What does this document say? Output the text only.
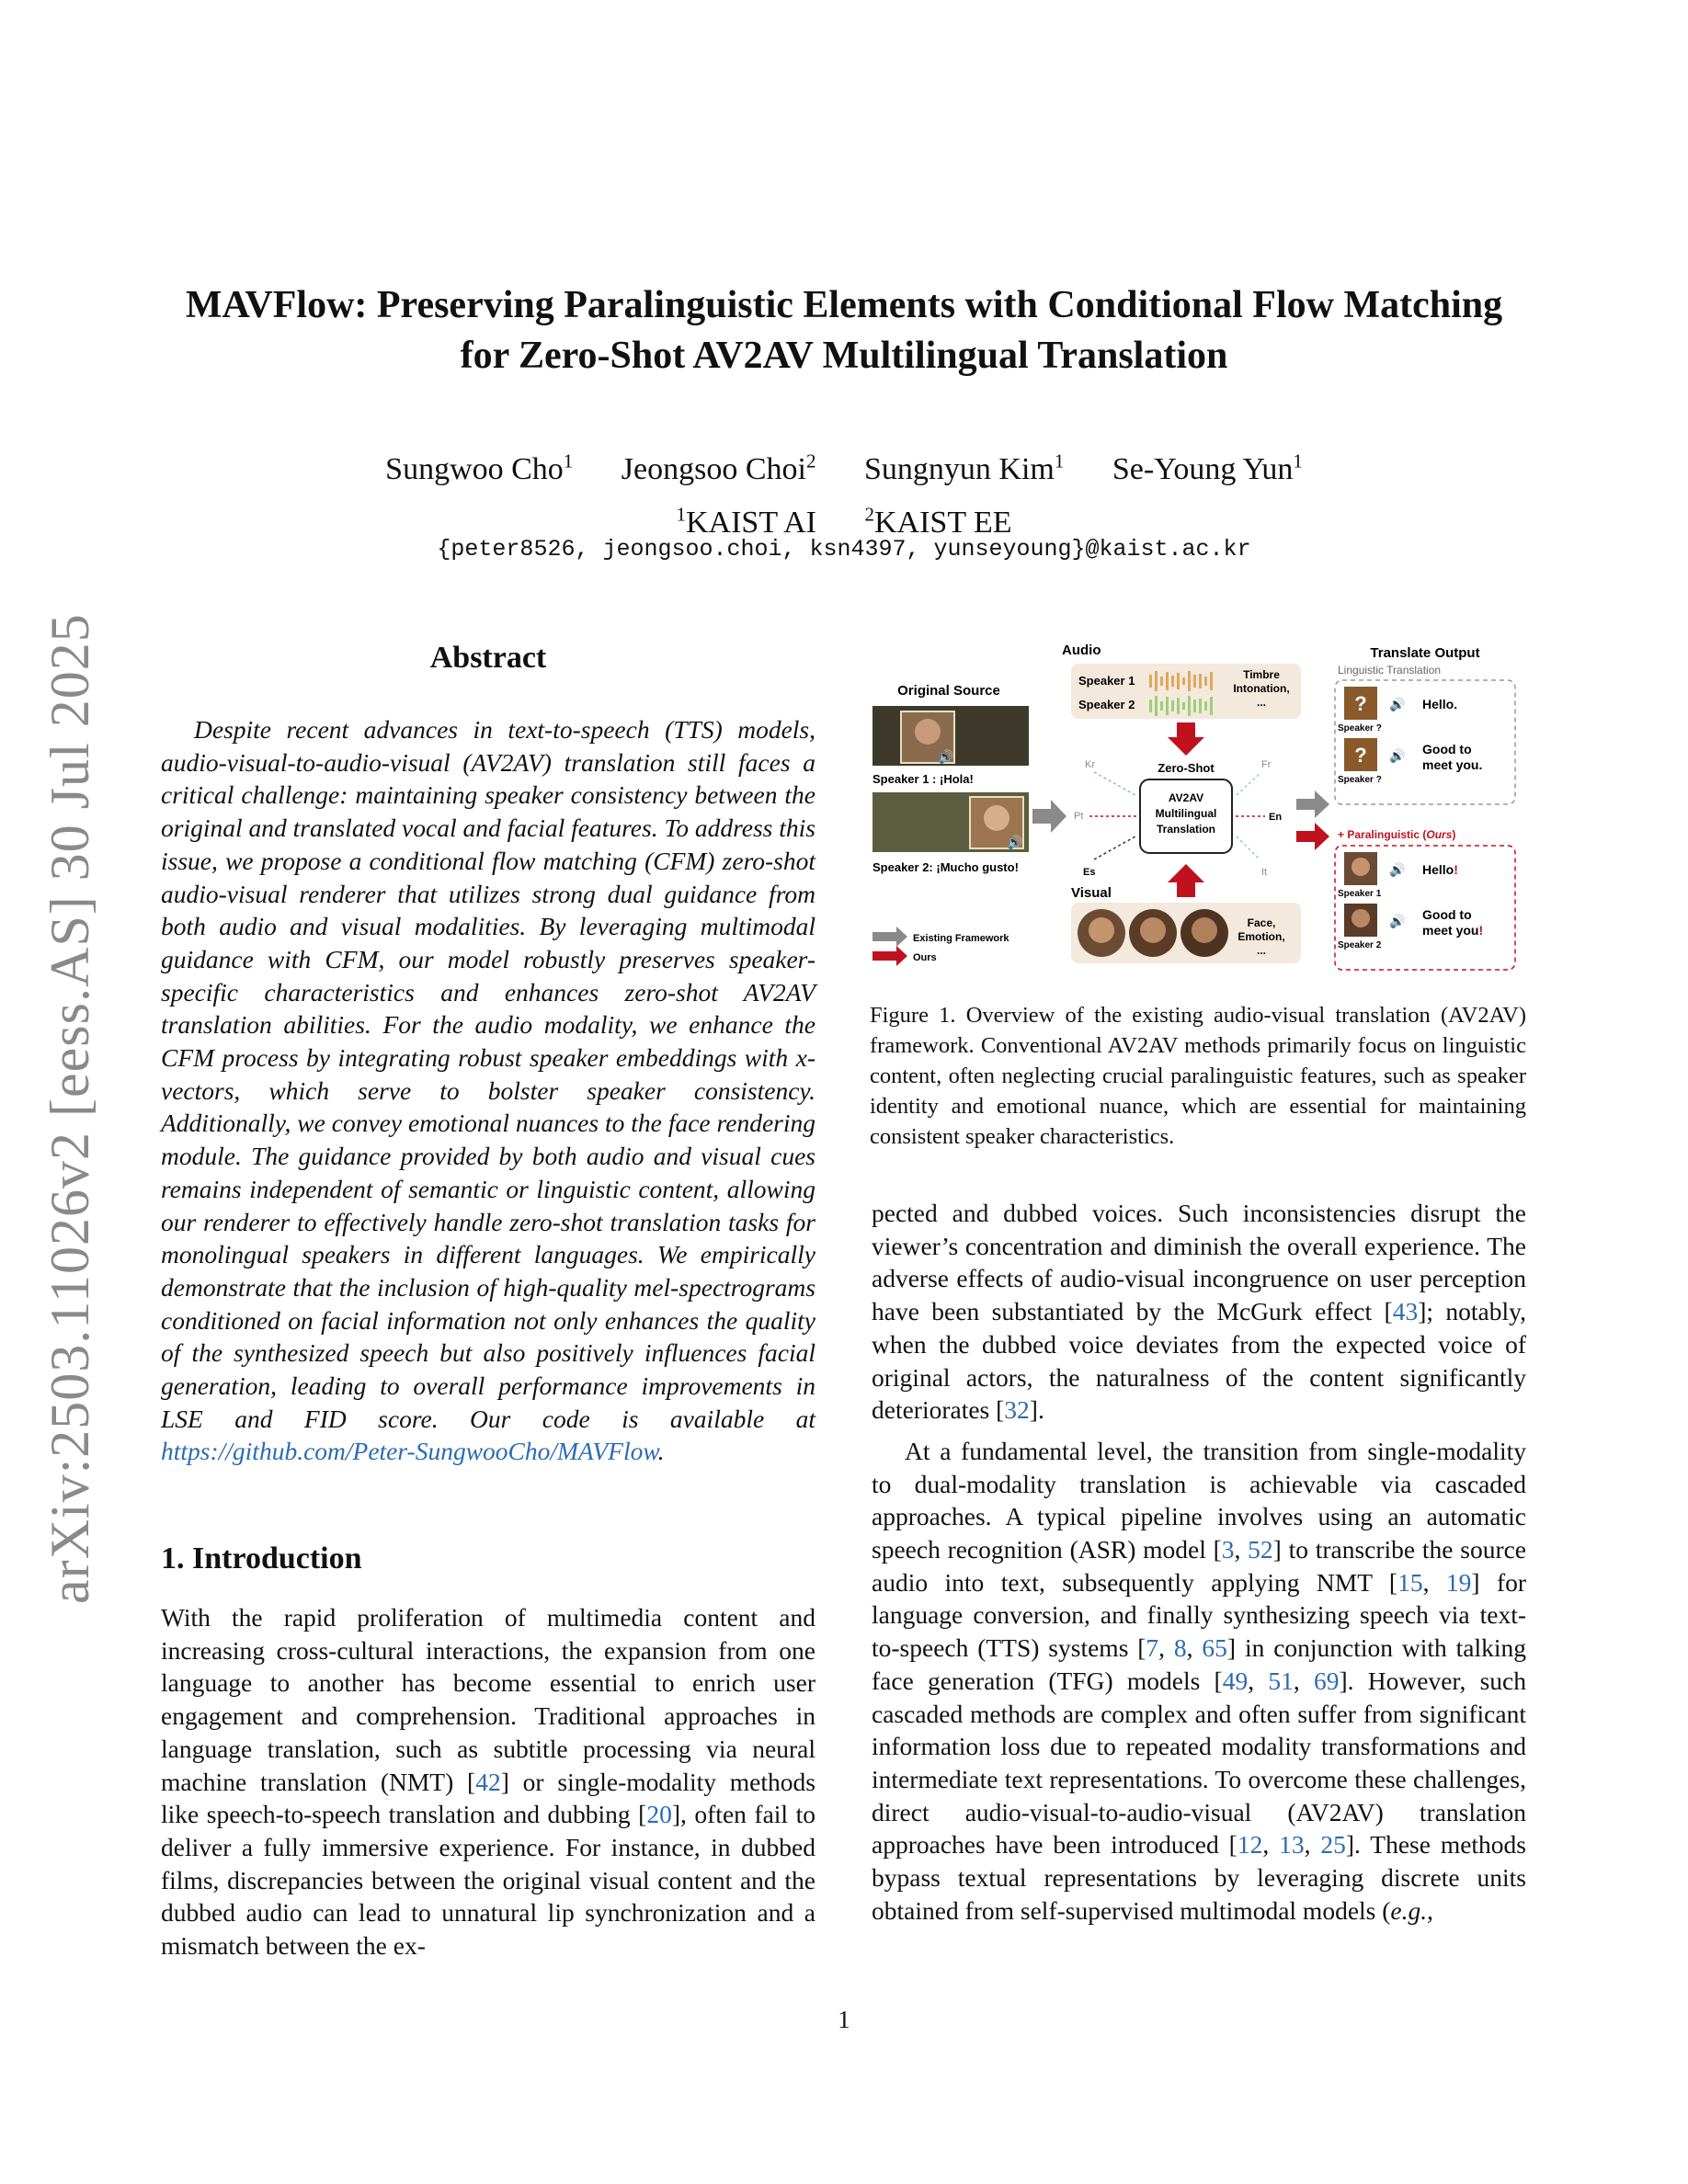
arXiv:2503.11026v2 [eess.AS] 30 Jul 2025
MAVFlow: Preserving Paralinguistic Elements with Conditional Flow Matching
for Zero-Shot AV2AV Multilingual Translation
Sungwoo Cho$^1$ Jeongsoo Choi$^2$ Sungnyun Kim$^1$ Se-Young Yun$^1$
$^1$KAIST AI	$^2$KAIST EE
{peter8526, jeongsoo.choi, ksn4397, yunseyoung}@kaist.ac.kr
Abstract

Despite recent advances in text-to-speech (TTS) models, audio-visual-to-audio-visual (AV2AV) translation still faces a critical challenge: maintaining speaker consistency between the original and translated vocal and facial features. To address this issue, we propose a conditional flow matching (CFM) zero-shot audio-visual renderer that utilizes strong dual guidance from both audio and visual modalities. By leveraging multimodal guidance with CFM, our model robustly preserves speaker-specific characteristics and enhances zero-shot AV2AV translation abilities. For the audio modality, we enhance the CFM process by integrating robust speaker embeddings with x-vectors, which serve to bolster speaker consistency. Additionally, we convey emotional nuances to the face rendering module. The guidance provided by both audio and visual cues remains independent of semantic or linguistic content, allowing our renderer to effectively handle zero-shot translation tasks for monolingual speakers in different languages. We empirically demonstrate that the inclusion of high-quality mel-spectrograms conditioned on facial information not only enhances the quality of the synthesized speech but also positively influences facial generation, leading to overall performance improvements in LSE and FID score. Our code is available at https://github.com/Peter-SungwooCho/MAVFlow.

1. Introduction

With the rapid proliferation of multimedia content and increasing cross-cultural interactions, the expansion from one language to another has become essential to enrich user engagement and comprehension. Traditional approaches in language translation, such as subtitle processing via neural machine translation (NMT) [42] or single-modality methods like speech-to-speech translation and dubbing [20], often fail to deliver a fully immersive experience. For instance, in dubbed films, discrepancies between the original visual content and the dubbed audio can lead to unnatural lip synchronization and a mismatch between the ex-

Audio
Speaker 1
Speaker 2
Timbre
Intonation,
...
Original Source
🔊
Speaker 1 : ¡Hola!
🔊
Speaker 2: ¡Mucho gusto!
Zero-Shot
AV2AV
Multilingual
Translation
Kr
Pt
Es
Fr
En
It
Visual
Face,
Emotion,
...
Existing Framework
Ours
Translate Output
Linguistic Translation
?
Speaker ?
🔊 Hello.
?
Speaker ?
🔊 Good to
meet you.
+ Paralinguistic (Ours)
Speaker 1
🔊 Hello!
Speaker 2
🔊 Good to
meet you!
Figure 1. Overview of the existing audio-visual translation (AV2AV) framework. Conventional AV2AV methods primarily focus on linguistic content, often neglecting crucial paralinguistic features, such as speaker identity and emotional nuance, which are essential for maintaining consistent speaker characteristics.

pected and dubbed voices. Such inconsistencies disrupt the viewer’s concentration and diminish the overall experience. The adverse effects of audio-visual incongruence on user perception have been substantiated by the McGurk effect [43]; notably, when the dubbed voice deviates from the expected voice of original actors, the naturalness of the content significantly deteriorates [32].

At a fundamental level, the transition from single-modality to dual-modality translation is achievable via cascaded approaches. A typical pipeline involves using an automatic speech recognition (ASR) model [3, 52] to transcribe the source audio into text, subsequently applying NMT [15, 19] for language conversion, and finally synthesizing speech via text-to-speech (TTS) systems [7, 8, 65] in conjunction with talking face generation (TFG) models [49, 51, 69]. However, such cascaded methods are complex and often suffer from significant information loss due to repeated modality transformations and intermediate text representations. To overcome these challenges, direct audio-visual-to-audio-visual (AV2AV) translation approaches have been introduced [12, 13, 25]. These methods bypass textual representations by leveraging discrete units obtained from self-supervised multimodal models (e.g.,

1
